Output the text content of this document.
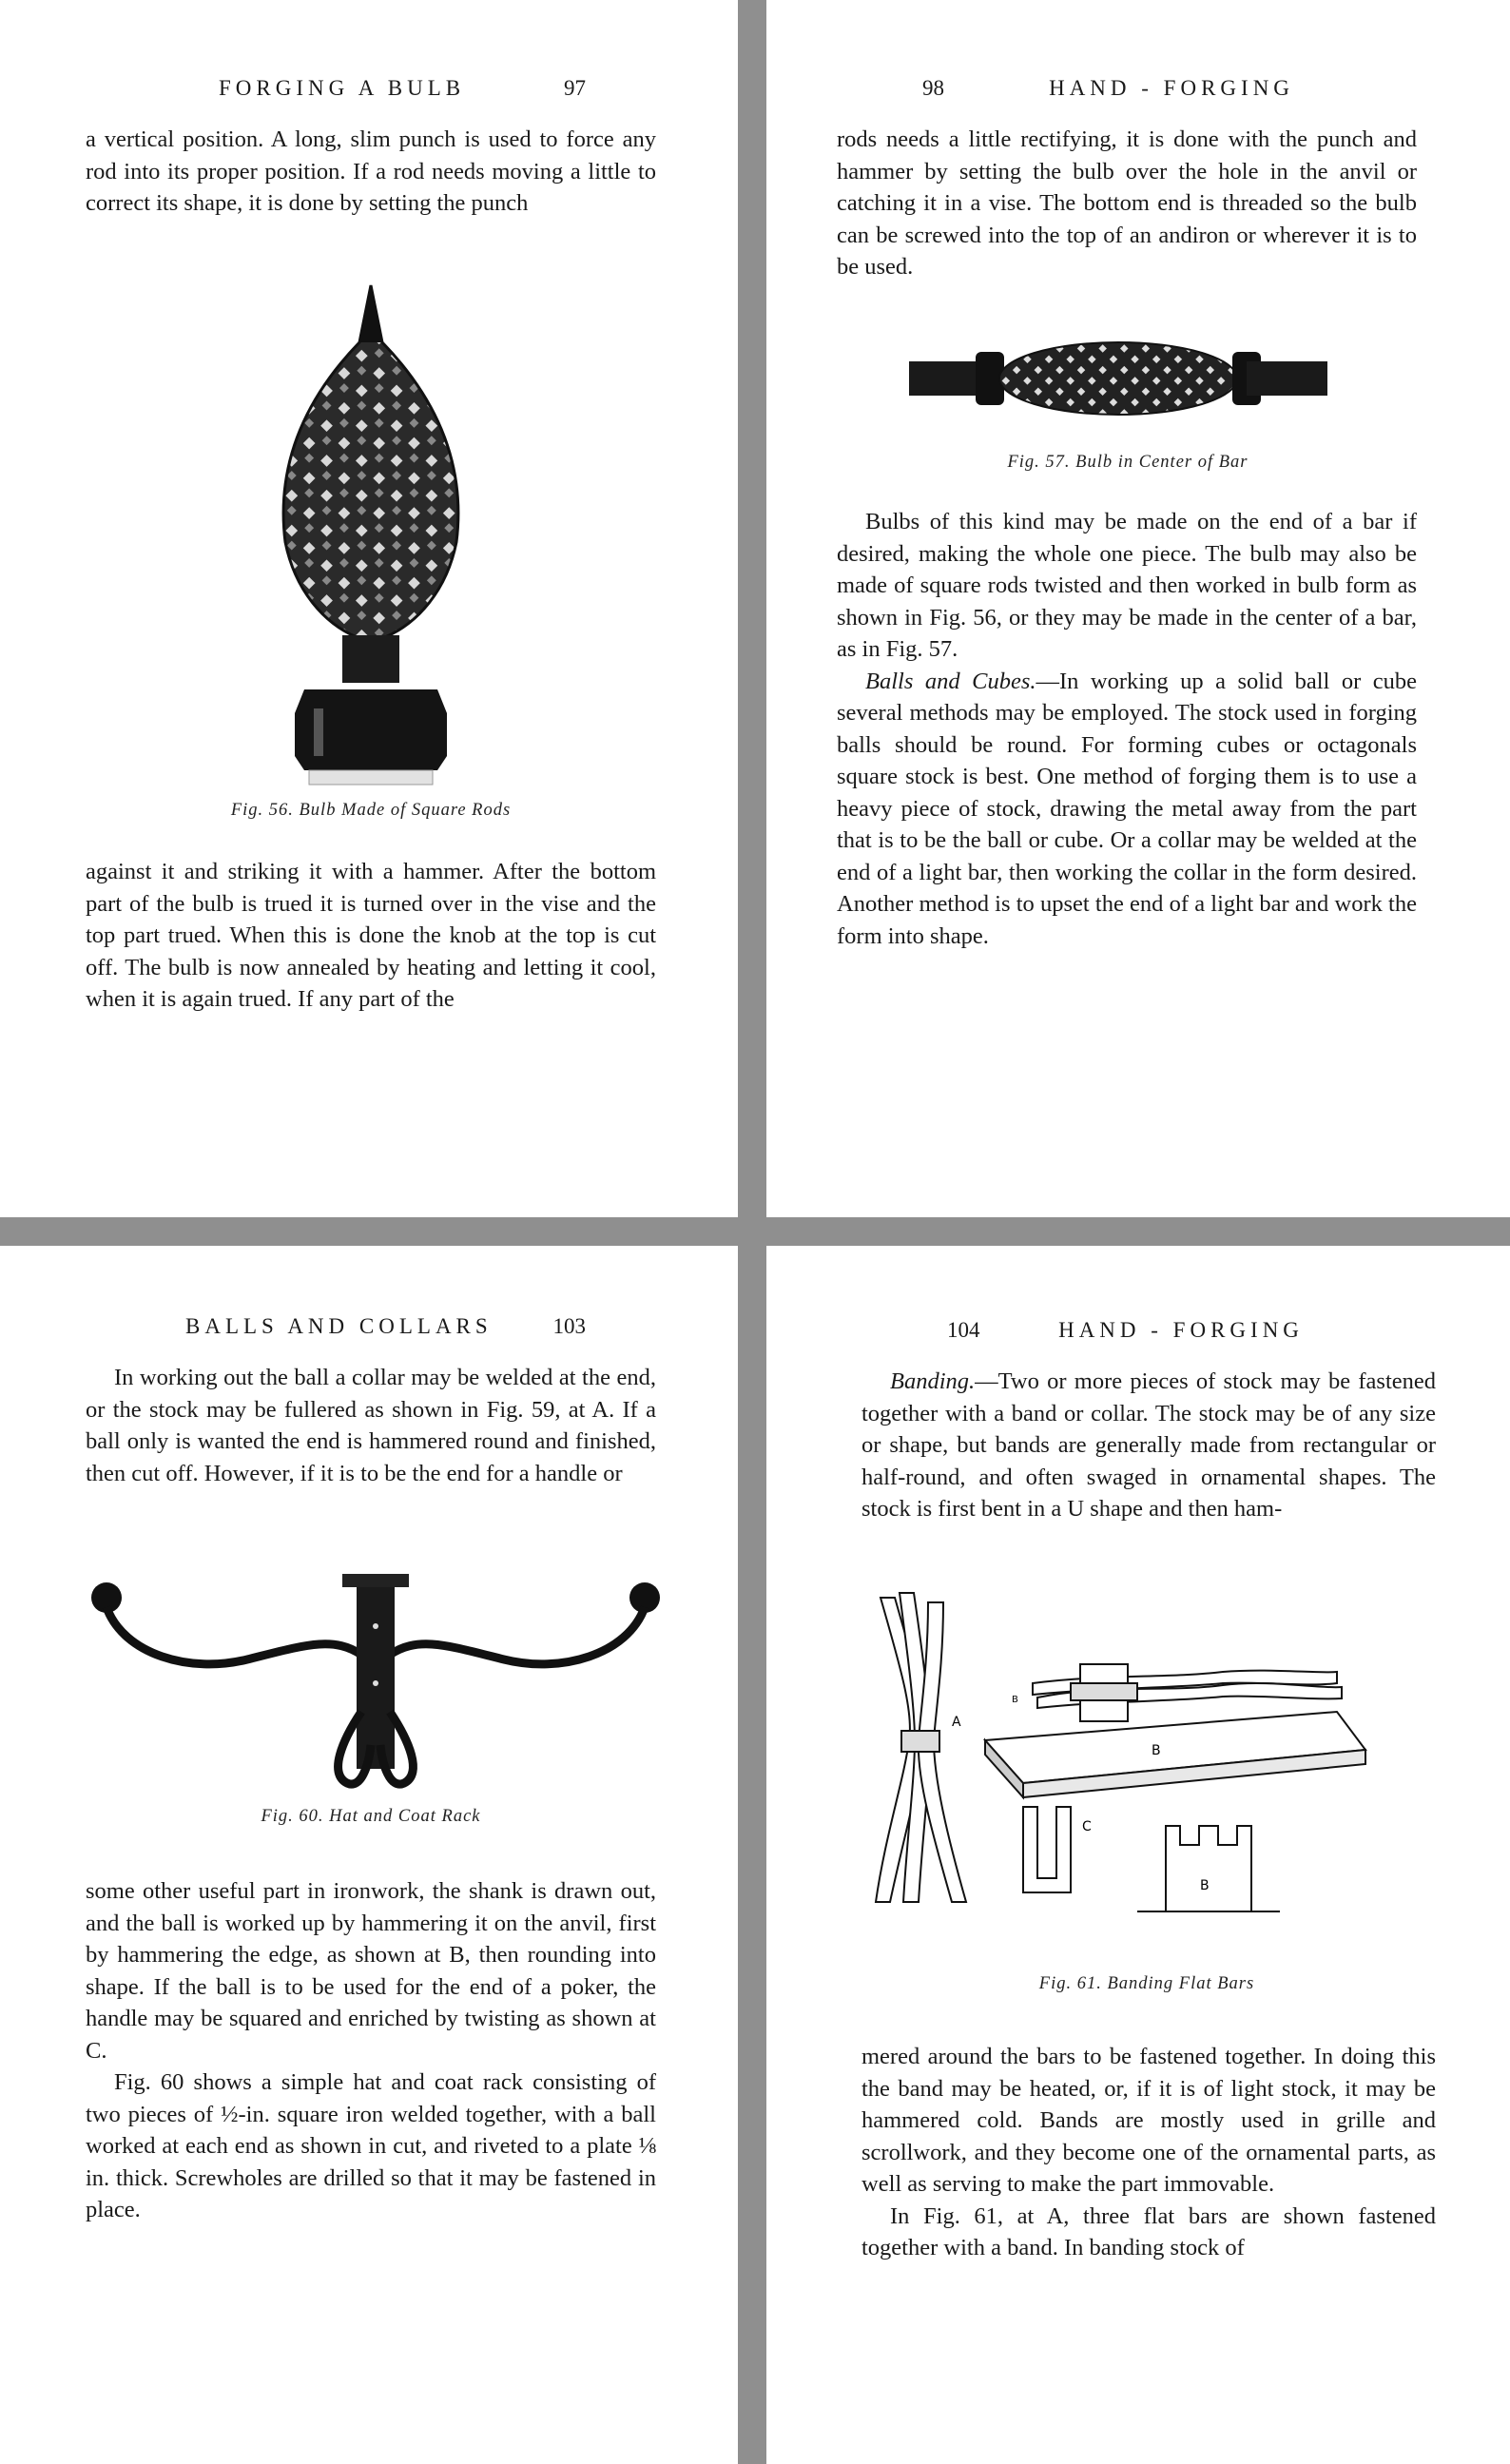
FORGING A BULB	97

a vertical position. A long, slim punch is used to force any rod into its proper position. If a rod needs moving a little to correct its shape, it is done by setting the punch

Fig. 56. Bulb Made of Square Rods

against it and striking it with a hammer. After the bottom part of the bulb is trued it is turned over in the vise and the top part trued. When this is done the knob at the top is cut off. The bulb is now annealed by heating and letting it cool, when it is again trued. If any part of the

98	HAND - FORGING

rods needs a little rectifying, it is done with the punch and hammer by setting the bulb over the hole in the anvil or catching it in a vise. The bottom end is threaded so the bulb can be screwed into the top of an andiron or wherever it is to be used.

Fig. 57. Bulb in Center of Bar

Bulbs of this kind may be made on the end of a bar if desired, making the whole one piece. The bulb may also be made of square rods twisted and then worked in bulb form as shown in Fig. 56, or they may be made in the center of a bar, as in Fig. 57.

Balls and Cubes.—In working up a solid ball or cube several methods may be employed. The stock used in forging balls should be round. For forming cubes or octagonals square stock is best. One method of forging them is to use a heavy piece of stock, drawing the metal away from the part that is to be the ball or cube. Or a collar may be welded at the end of a light bar, then working the collar in the form desired. Another method is to upset the end of a light bar and work the form into shape.

BALLS AND COLLARS	103

In working out the ball a collar may be welded at the end, or the stock may be fullered as shown in Fig. 59, at A. If a ball only is wanted the end is hammered round and finished, then cut off. However, if it is to be the end for a handle or

Fig. 60. Hat and Coat Rack

some other useful part in ironwork, the shank is drawn out, and the ball is worked up by hammering it on the anvil, first by hammering the edge, as shown at B, then rounding into shape. If the ball is to be used for the end of a poker, the handle may be squared and enriched by twisting as shown at C.

Fig. 60 shows a simple hat and coat rack consisting of two pieces of ½-in. square iron welded together, with a ball worked at each end as shown in cut, and riveted to a plate ⅛ in. thick. Screwholes are drilled so that it may be fastened in place.

104	HAND - FORGING

Banding.—Two or more pieces of stock may be fastened together with a band or collar. The stock may be of any size or shape, but bands are generally made from rectangular or half-round, and often swaged in ornamental shapes. The stock is first bent in a U shape and then ham-

A
B
C
B
B
Fig. 61. Banding Flat Bars

mered around the bars to be fastened together. In doing this the band may be heated, or, if it is of light stock, it may be hammered cold. Bands are mostly used in grille and scrollwork, and they become one of the ornamental parts, as well as serving to make the part immovable.

In Fig. 61, at A, three flat bars are shown fastened together with a band. In banding stock of
